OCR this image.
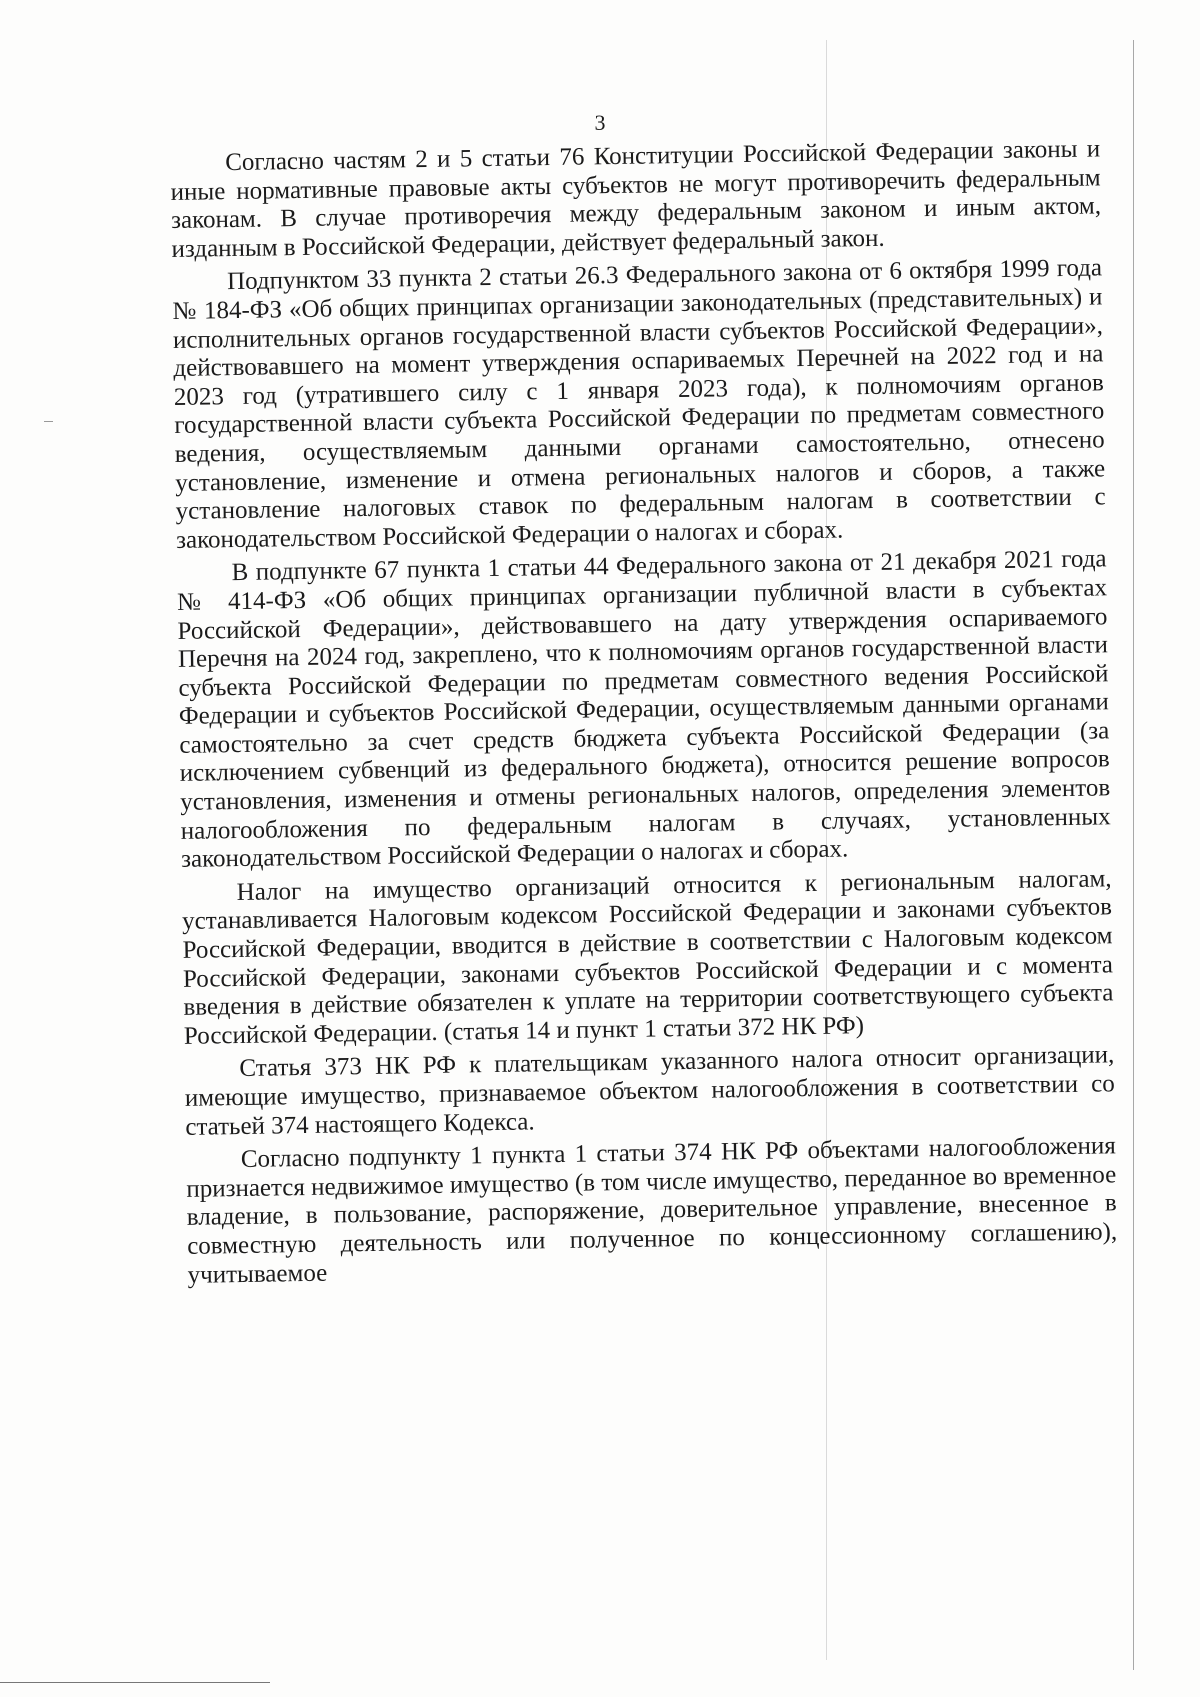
3

Согласно частям 2 и 5 статьи 76 Конституции Российской Федерации законы и иные нормативные правовые акты субъектов не могут противоречить федеральным законам. В случае противоречия между федеральным законом и иным актом, изданным в Российской Федерации, действует федеральный закон.

Подпунктом 33 пункта 2 статьи 26.3 Федерального закона от 6 октября 1999 года № 184-ФЗ «Об общих принципах организации законодательных (представительных) и исполнительных органов государственной власти субъектов Российской Федерации», действовавшего на момент утверждения оспариваемых Перечней на 2022 год и на 2023 год (утратившего силу с 1 января 2023 года), к полномочиям органов государственной власти субъекта Российской Федерации по предметам совместного ведения, осуществляемым данными органами самостоятельно, отнесено установление, изменение и отмена региональных налогов и сборов, а также установление налоговых ставок по федеральным налогам в соответствии с законодательством Российской Федерации о налогах и сборах.

В подпункте 67 пункта 1 статьи 44 Федерального закона от 21 декабря 2021 года № 414-ФЗ «Об общих принципах организации публичной власти в субъектах Российской Федерации», действовавшего на дату утверждения оспариваемого Перечня на 2024 год, закреплено, что к полномочиям органов государственной власти субъекта Российской Федерации по предметам совместного ведения Российской Федерации и субъектов Российской Федерации, осуществляемым данными органами самостоятельно за счет средств бюджета субъекта Российской Федерации (за исключением субвенций из федерального бюджета), относится решение вопросов установления, изменения и отмены региональных налогов, определения элементов налогообложения по федеральным налогам в случаях, установленных законодательством Российской Федерации о налогах и сборах.

Налог на имущество организаций относится к региональным налогам, устанавливается Налоговым кодексом Российской Федерации и законами субъектов Российской Федерации, вводится в действие в соответствии с Налоговым кодексом Российской Федерации, законами субъектов Российской Федерации и с момента введения в действие обязателен к уплате на территории соответствующего субъекта Российской Федерации. (статья 14 и пункт 1 статьи 372 НК РФ)

Статья 373 НК РФ к плательщикам указанного налога относит организации, имеющие имущество, признаваемое объектом налогообложения в соответствии со статьей 374 настоящего Кодекса.

Согласно подпункту 1 пункта 1 статьи 374 НК РФ объектами налогообложения признается недвижимое имущество (в том числе имущество, переданное во временное владение, в пользование, распоряжение, доверительное управление, внесенное в совместную деятельность или полученное по концессионному соглашению), учитываемое
